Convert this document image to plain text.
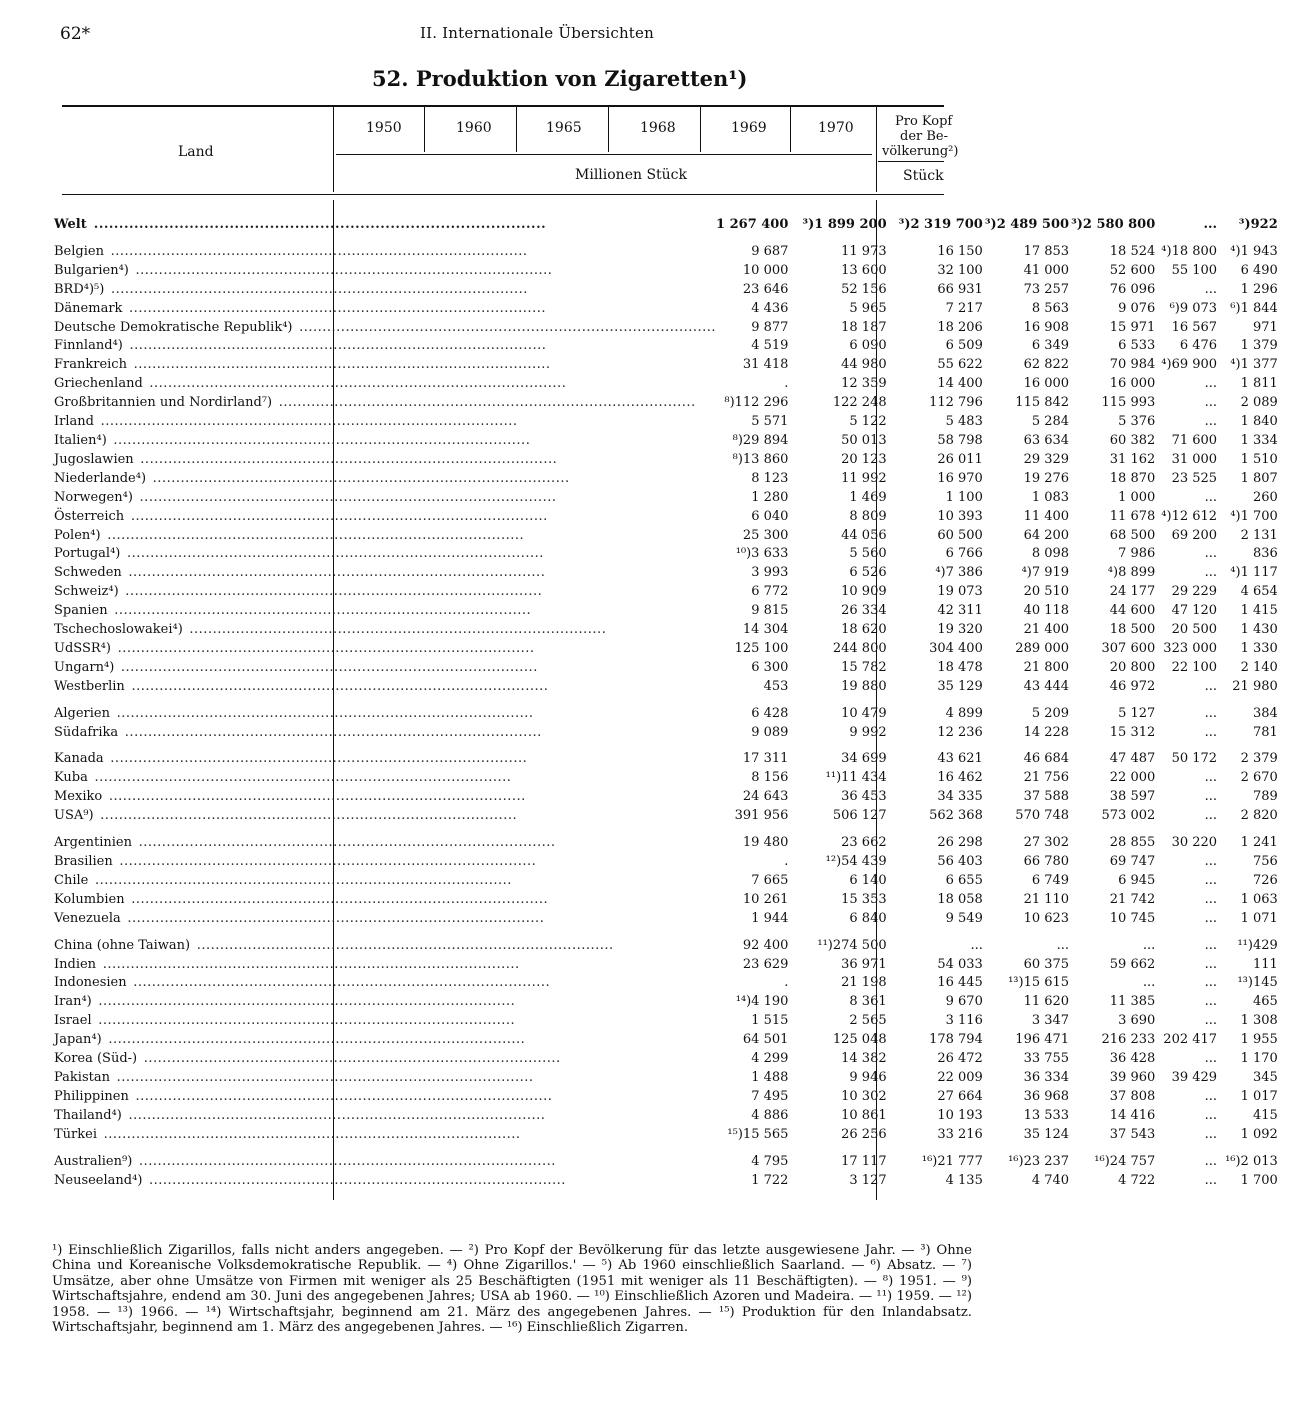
62*	II. Internationale Übersichten
52. Produktion von Zigaretten¹)
Land
1950	1960	1965	1968	1969	1970	Pro Kopf
der Be-
völkerung²)
Millionen Stück	Stück
Welt ..........................................................................................	1 267 400	³)1 899 200	³)2 319 700	³)2 489 500	³)2 580 800	...	³)922

Belgien ..........................................................................................	9 687	11 973	16 150	17 853	18 524	⁴)18 800	⁴)1 943
Bulgarien⁴) ..........................................................................................	10 000	13 600	32 100	41 000	52 600	55 100	6 490
BRD⁴)⁵) ..........................................................................................	23 646	52 156	66 931	73 257	76 096	...	1 296
Dänemark ..........................................................................................	4 436	5 965	7 217	8 563	9 076	⁶)9 073	⁶)1 844
Deutsche Demokratische Republik⁴) ..........................................................................................	9 877	18 187	18 206	16 908	15 971	16 567	971
Finnland⁴) ..........................................................................................	4 519	6 090	6 509	6 349	6 533	6 476	1 379
Frankreich ..........................................................................................	31 418	44 980	55 622	62 822	70 984	⁴)69 900	⁴)1 377
Griechenland ..........................................................................................	.	12 359	14 400	16 000	16 000	...	1 811
Großbritannien und Nordirland⁷) ..........................................................................................	⁸)112 296	122 248	112 796	115 842	115 993	...	2 089
Irland ..........................................................................................	5 571	5 122	5 483	5 284	5 376	...	1 840
Italien⁴) ..........................................................................................	⁸)29 894	50 013	58 798	63 634	60 382	71 600	1 334
Jugoslawien ..........................................................................................	⁸)13 860	20 123	26 011	29 329	31 162	31 000	1 510
Niederlande⁴) ..........................................................................................	8 123	11 992	16 970	19 276	18 870	23 525	1 807
Norwegen⁴) ..........................................................................................	1 280	1 469	1 100	1 083	1 000	...	260
Österreich ..........................................................................................	6 040	8 809	10 393	11 400	11 678	⁴)12 612	⁴)1 700
Polen⁴) ..........................................................................................	25 300	44 056	60 500	64 200	68 500	69 200	2 131
Portugal⁴) ..........................................................................................	¹⁰)3 633	5 560	6 766	8 098	7 986	...	836
Schweden ..........................................................................................	3 993	6 526	⁴)7 386	⁴)7 919	⁴)8 899	...	⁴)1 117
Schweiz⁴) ..........................................................................................	6 772	10 909	19 073	20 510	24 177	29 229	4 654
Spanien ..........................................................................................	9 815	26 334	42 311	40 118	44 600	47 120	1 415
Tschechoslowakei⁴) ..........................................................................................	14 304	18 620	19 320	21 400	18 500	20 500	1 430
UdSSR⁴) ..........................................................................................	125 100	244 800	304 400	289 000	307 600	323 000	1 330
Ungarn⁴) ..........................................................................................	6 300	15 782	18 478	21 800	20 800	22 100	2 140
Westberlin ..........................................................................................	453	19 880	35 129	43 444	46 972	...	21 980

Algerien ..........................................................................................	6 428	10 479	4 899	5 209	5 127	...	384
Südafrika ..........................................................................................	9 089	9 992	12 236	14 228	15 312	...	781

Kanada ..........................................................................................	17 311	34 699	43 621	46 684	47 487	50 172	2 379
Kuba ..........................................................................................	8 156	¹¹)11 434	16 462	21 756	22 000	...	2 670
Mexiko ..........................................................................................	24 643	36 453	34 335	37 588	38 597	...	789
USA⁹) ..........................................................................................	391 956	506 127	562 368	570 748	573 002	...	2 820

Argentinien ..........................................................................................	19 480	23 662	26 298	27 302	28 855	30 220	1 241
Brasilien ..........................................................................................	.	¹²)54 439	56 403	66 780	69 747	...	756
Chile ..........................................................................................	7 665	6 140	6 655	6 749	6 945	...	726
Kolumbien ..........................................................................................	10 261	15 353	18 058	21 110	21 742	...	1 063
Venezuela ..........................................................................................	1 944	6 840	9 549	10 623	10 745	...	1 071

China (ohne Taiwan) ..........................................................................................	92 400	¹¹)274 500	...	...	...	...	¹¹)429
Indien ..........................................................................................	23 629	36 971	54 033	60 375	59 662	...	111
Indonesien ..........................................................................................	.	21 198	16 445	¹³)15 615	...	...	¹³)145
Iran⁴) ..........................................................................................	¹⁴)4 190	8 361	9 670	11 620	11 385	...	465
Israel ..........................................................................................	1 515	2 565	3 116	3 347	3 690	...	1 308
Japan⁴) ..........................................................................................	64 501	125 048	178 794	196 471	216 233	202 417	1 955
Korea (Süd-) ..........................................................................................	4 299	14 382	26 472	33 755	36 428	...	1 170
Pakistan ..........................................................................................	1 488	9 946	22 009	36 334	39 960	39 429	345
Philippinen ..........................................................................................	7 495	10 302	27 664	36 968	37 808	...	1 017
Thailand⁴) ..........................................................................................	4 886	10 861	10 193	13 533	14 416	...	415
Türkei ..........................................................................................	¹⁵)15 565	26 256	33 216	35 124	37 543	...	1 092

Australien⁹) ..........................................................................................	4 795	17 117	¹⁶)21 777	¹⁶)23 237	¹⁶)24 757	...	¹⁶)2 013
Neuseeland⁴) ..........................................................................................	1 722	3 127	4 135	4 740	4 722	...	1 700
¹) Einschließlich Zigarillos, falls nicht anders angegeben. — ²) Pro Kopf der Bevölkerung für das letzte ausgewiesene Jahr. — ³) Ohne China und Koreanische Volksdemokratische Republik. — ⁴) Ohne Zigarillos.' — ⁵) Ab 1960 einschließlich Saarland. — ⁶) Absatz. — ⁷) Umsätze, aber ohne Umsätze von Firmen mit weniger als 25 Beschäftigten (1951 mit weniger als 11 Beschäftigten). — ⁸) 1951. — ⁹) Wirtschaftsjahre, endend am 30. Juni des angegebenen Jahres; USA ab 1960. — ¹⁰) Einschließlich Azoren und Madeira. — ¹¹) 1959. — ¹²) 1958. — ¹³) 1966. — ¹⁴) Wirtschaftsjahr, beginnend am 21. März des angegebenen Jahres. — ¹⁵) Produktion für den Inlandabsatz. Wirtschaftsjahr, beginnend am 1. März des angegebenen Jahres. — ¹⁶) Einschließlich Zigarren.
